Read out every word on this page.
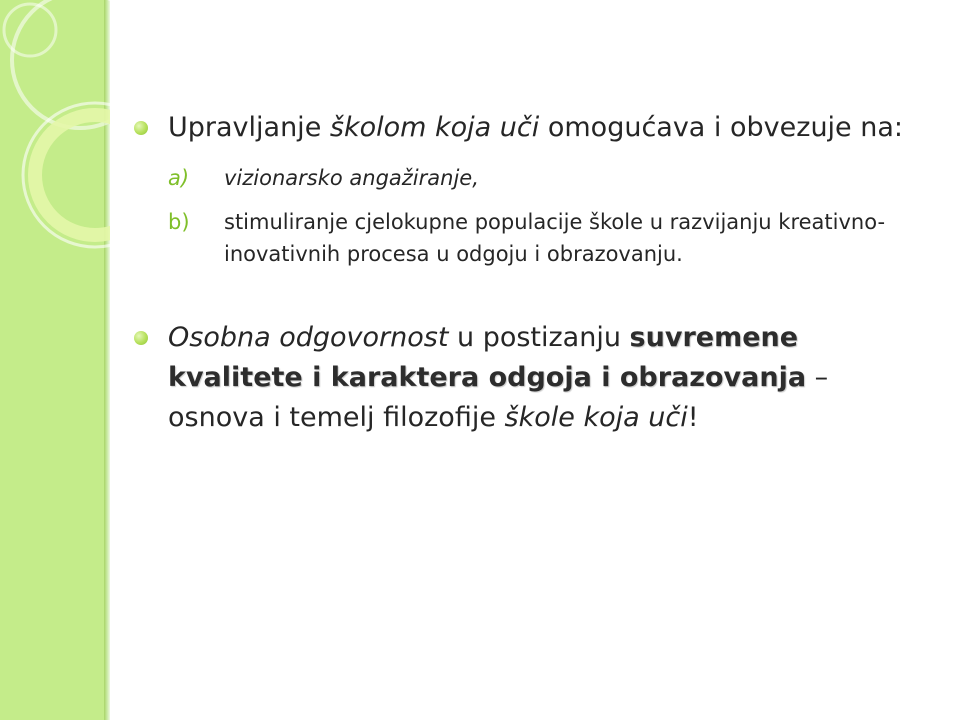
Upravljanje školom koja uči omogućava i obvezuje na:
a) vizionarsko angažiranje,
b) stimuliranje cjelokupne populacije škole u razvijanju kreativno-inovativnih procesa u odgoju i obrazovanju.
Osobna odgovornost u postizanju suvremene kvalitete i karaktera odgoja i obrazovanja – osnova i temelj filozofije škole koja uči!
